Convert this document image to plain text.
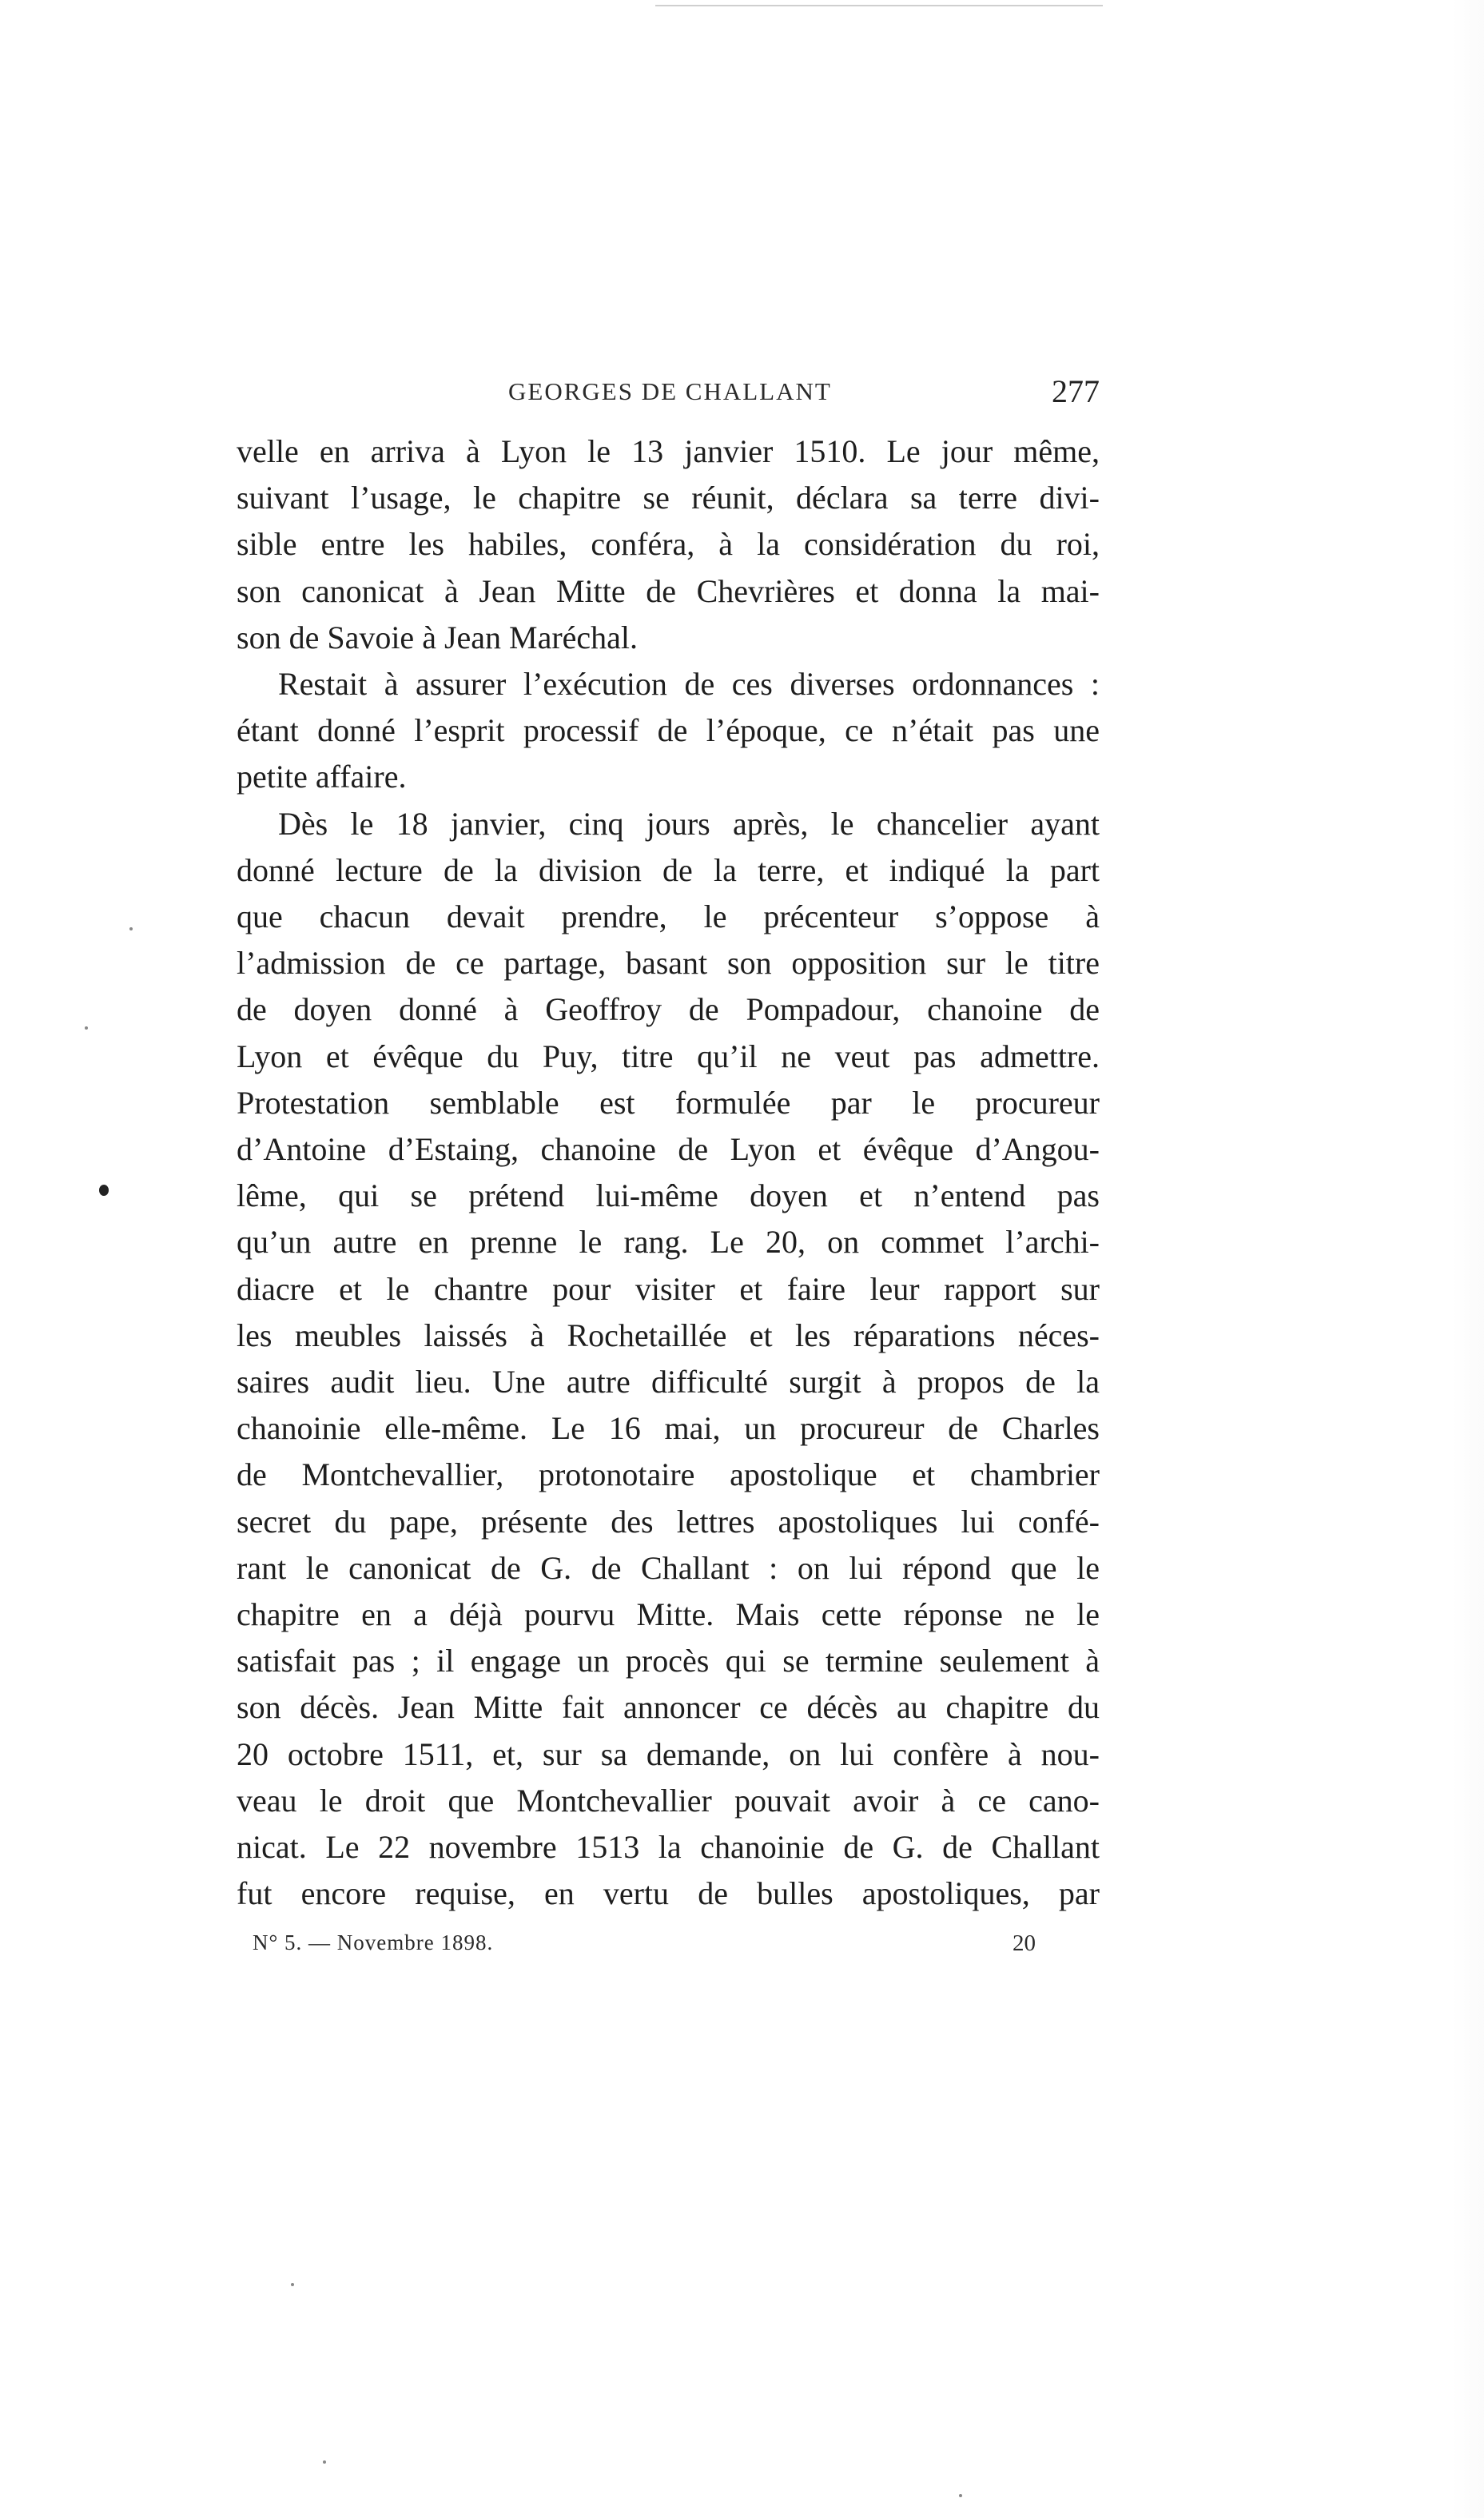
GEORGES DE CHALLANT	277

velle en arriva à Lyon le 13 janvier 1510. Le jour même,

suivant l’usage, le chapitre se réunit, déclara sa terre divi-

sible entre les habiles, conféra, à la considération du roi,

son canonicat à Jean Mitte de Chevrières et donna la mai-

son de Savoie à Jean Maréchal.

Restait à assurer l’exécution de ces diverses ordonnances :

étant donné l’esprit processif de l’époque, ce n’était pas une

petite affaire.

Dès le 18 janvier, cinq jours après, le chancelier ayant

donné lecture de la division de la terre, et indiqué la part

que chacun devait prendre, le précenteur s’oppose à

l’admission de ce partage, basant son opposition sur le titre

de doyen donné à Geoffroy de Pompadour, chanoine de

Lyon et évêque du Puy, titre qu’il ne veut pas admettre.

Protestation semblable est formulée par le procureur

d’Antoine d’Estaing, chanoine de Lyon et évêque d’Angou-

lême, qui se prétend lui-même doyen et n’entend pas

qu’un autre en prenne le rang. Le 20, on commet l’archi-

diacre et le chantre pour visiter et faire leur rapport sur

les meubles laissés à Rochetaillée et les réparations néces-

saires audit lieu. Une autre difficulté surgit à propos de la

chanoinie elle-même. Le 16 mai, un procureur de Charles

de Montchevallier, protonotaire apostolique et chambrier

secret du pape, présente des lettres apostoliques lui confé-

rant le canonicat de G. de Challant : on lui répond que le

chapitre en a déjà pourvu Mitte. Mais cette réponse ne le

satisfait pas ; il engage un procès qui se termine seulement à

son décès. Jean Mitte fait annoncer ce décès au chapitre du

20 octobre 1511, et, sur sa demande, on lui confère à nou-

veau le droit que Montchevallier pouvait avoir à ce cano-

nicat. Le 22 novembre 1513 la chanoinie de G. de Challant

fut encore requise, en vertu de bulles apostoliques, par

N° 5. — Novembre 1898.	20
